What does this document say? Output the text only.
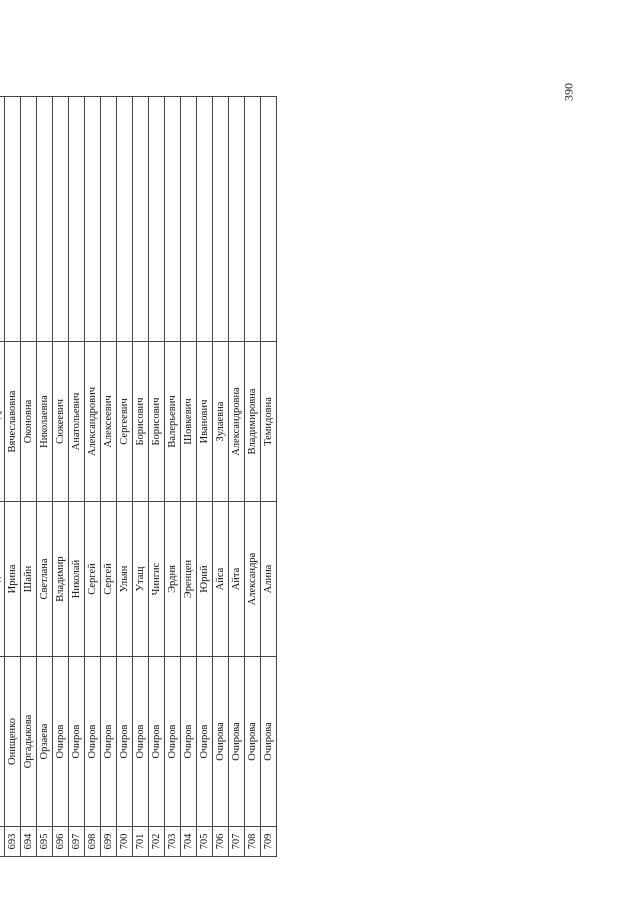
390

693	Онищенко	Ирина	Вячеславовна	
694	Оргадыкова	Шайн	Оконовна	
695	Орзаева	Светлана	Николаевна	
696	Очиров	Владимир	Сюкеевич	
697	Очиров	Николай	Анатольевич	
698	Очиров	Сергей	Александрович	
699	Очиров	Сергей	Алексеевич	
700	Очиров	Ульян	Сергеевич	
701	Очиров	Утащ	Борисович	
702	Очиров	Чингис	Борисович	
703	Очиров	Эрдня	Валерьевич	
704	Очиров	Эренцен	Шовкевич	
705	Очиров	Юрий	Иванович	
706	Очирова	Айса	Зулаевна	
707	Очирова	Айта	Александровна	
708	Очирова	Александра	Владимировна	
709	Очирова	Алина	Темидовна	
